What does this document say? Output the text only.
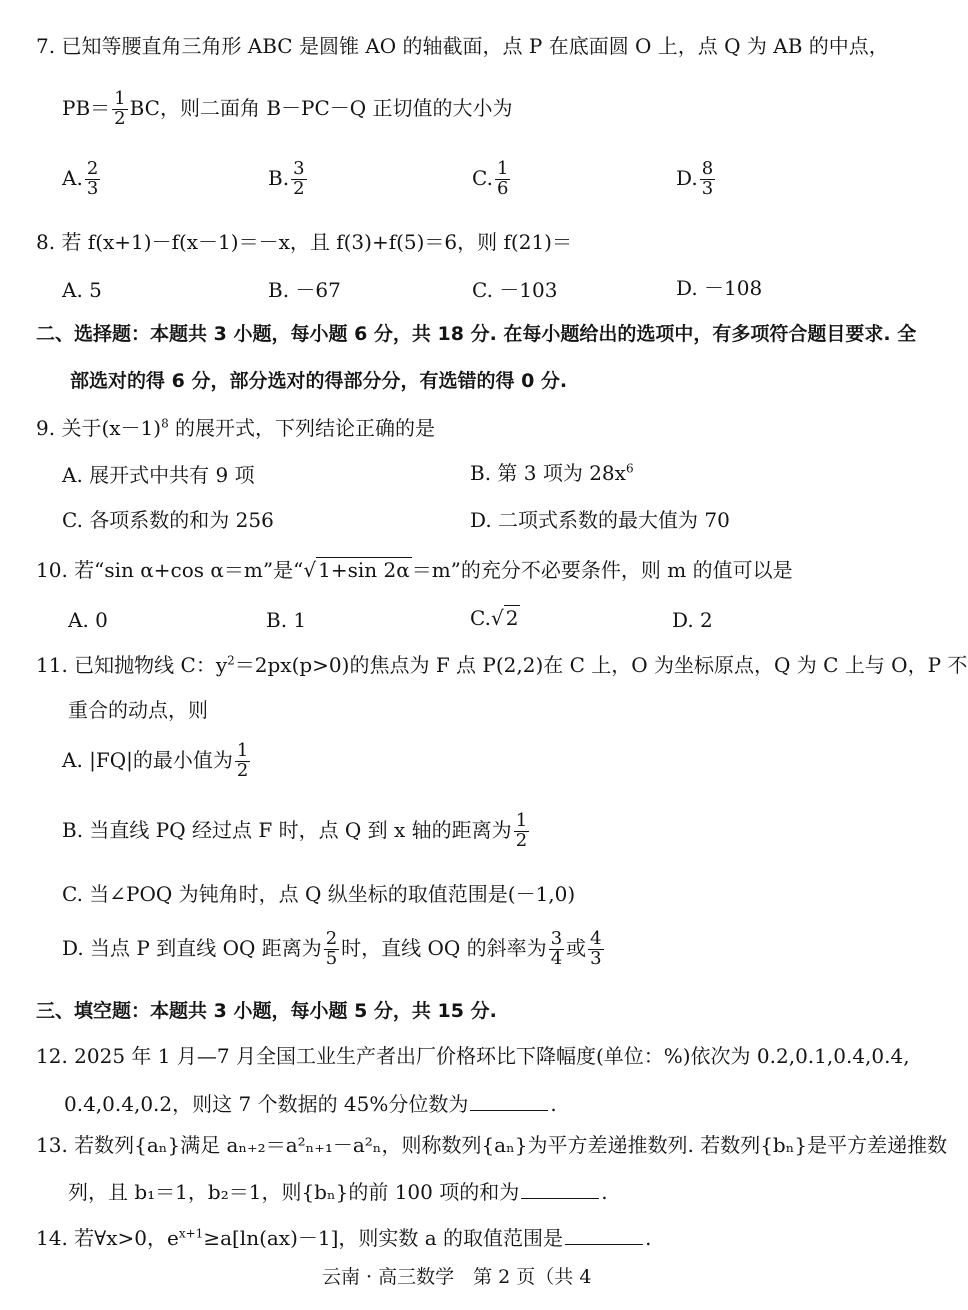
7. 已知等腰直角三角形 ABC 是圆锥 AO 的轴截面，点 P 在底面圆 O 上，点 Q 为 AB 的中点，
$PB= \frac{1}{2}$ BC，则二面角 B－PC－Q 正切值的大小为
A. $\frac{2}{3}$	B. $\frac{3}{2}$	C. $\frac{1}{6}$	D. $\frac{8}{3}$
8. 若 f(x+1)－f(x－1)＝－x，且 f(3)+f(5)＝6，则 f(21)＝
A. 5	B. －67	C. －103	D. －108
二、选择题：本题共 3 小题，每小题 6 分，共 18 分. 在每小题给出的选项中，有多项符合题目要求. 全
部选对的得 6 分，部分选对的得部分分，有选错的得 0 分.
9. 关于$(x-1)^8$ 的展开式，下列结论正确的是
A. 展开式中共有 9 项	B. 第 3 项为 $28x^6$
C. 各项系数的和为 256	D. 二项式系数的最大值为 70
10. 若“sin α+cos α＝m”是“√ 1+sin 2α ＝m”的充分不必要条件，则 m 的值可以是
A. 0	B. 1	C.√ 2	D. 2
11. 已知抛物线 C：$y^2=2px(p>0)$的焦点为 F 点 P(2,2)在 C 上，O 为坐标原点，Q 为 C 上与 O，P 不
重合的动点，则
A. |FQ|的最小值为 $\frac{1}{2}$
B. 当直线 PQ 经过点 F 时，点 Q 到 x 轴的距离为 $\frac{1}{2}$
C. 当∠POQ 为钝角时，点 Q 纵坐标的取值范围是(－1,0)
D. 当点 P 到直线 OQ 距离为 $\frac{2}{5}$ 时，直线 OQ 的斜率为 $\frac{3}{4}$ 或 $\frac{4}{3}$
三、填空题：本题共 3 小题，每小题 5 分，共 15 分.
12. 2025 年 1 月—7 月全国工业生产者出厂价格环比下降幅度(单位：%)依次为 0.2,0.1,0.4,0.4,
0.4,0.4,0.2，则这 7 个数据的 45%分位数为	.
13. 若数列{aₙ}满足 aₙ₊₂＝a²ₙ₊₁－a²ₙ，则称数列{aₙ}为平方差递推数列. 若数列{bₙ}是平方差递推数
列，且 b₁＝1，b₂＝1，则{bₙ}的前 100 项的和为	.
14. 若∀x>0，$e^{x+1}\ge a[\ln(ax)-1]$，则实数 a 的取值范围是	.
云南 · 高三数学　第 2 页（共 4
